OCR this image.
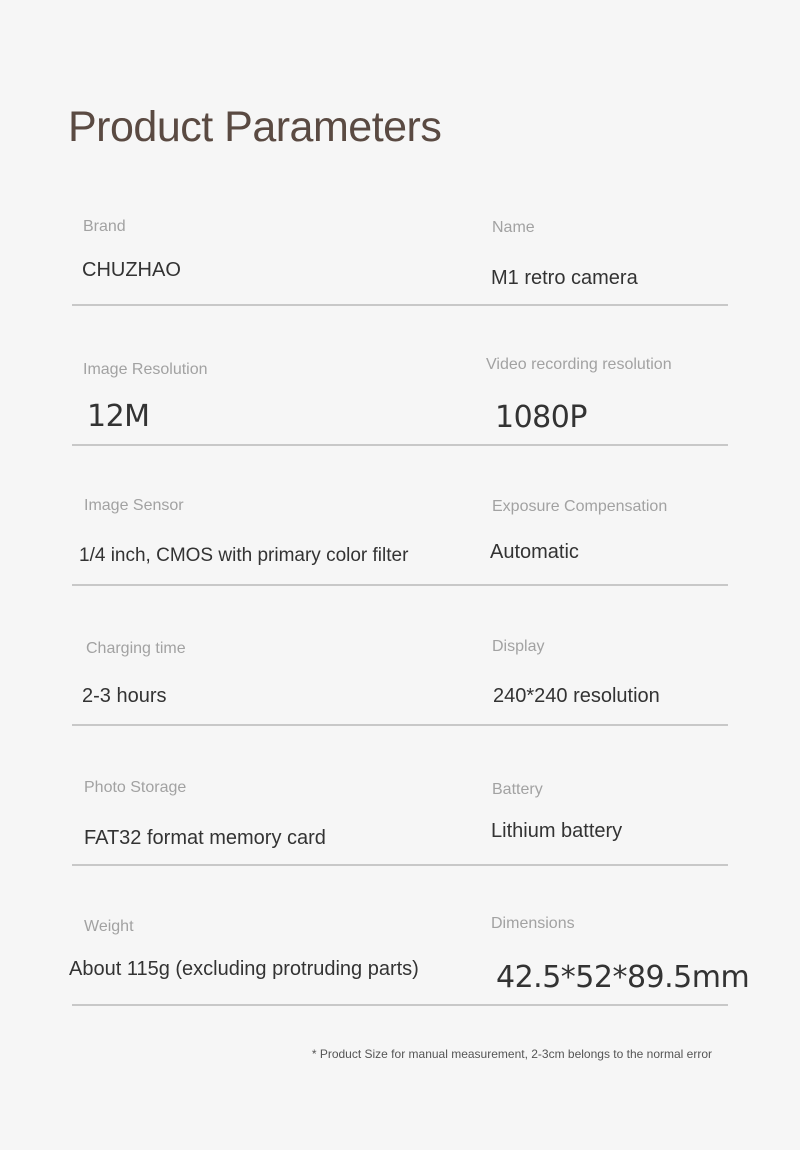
Product Parameters
Brand
CHUZHAO
Name
M1 retro camera
Image Resolution
12M
Video recording resolution
1080P
Image Sensor
1/4 inch, CMOS with primary color filter
Exposure Compensation
Automatic
Charging time
2-3 hours
Display
240*240 resolution
Photo Storage
FAT32 format memory card
Battery
Lithium battery
Weight
About 115g (excluding protruding parts)
Dimensions
42.5*52*89.5mm
* Product Size for manual measurement, 2-3cm belongs to the normal error
